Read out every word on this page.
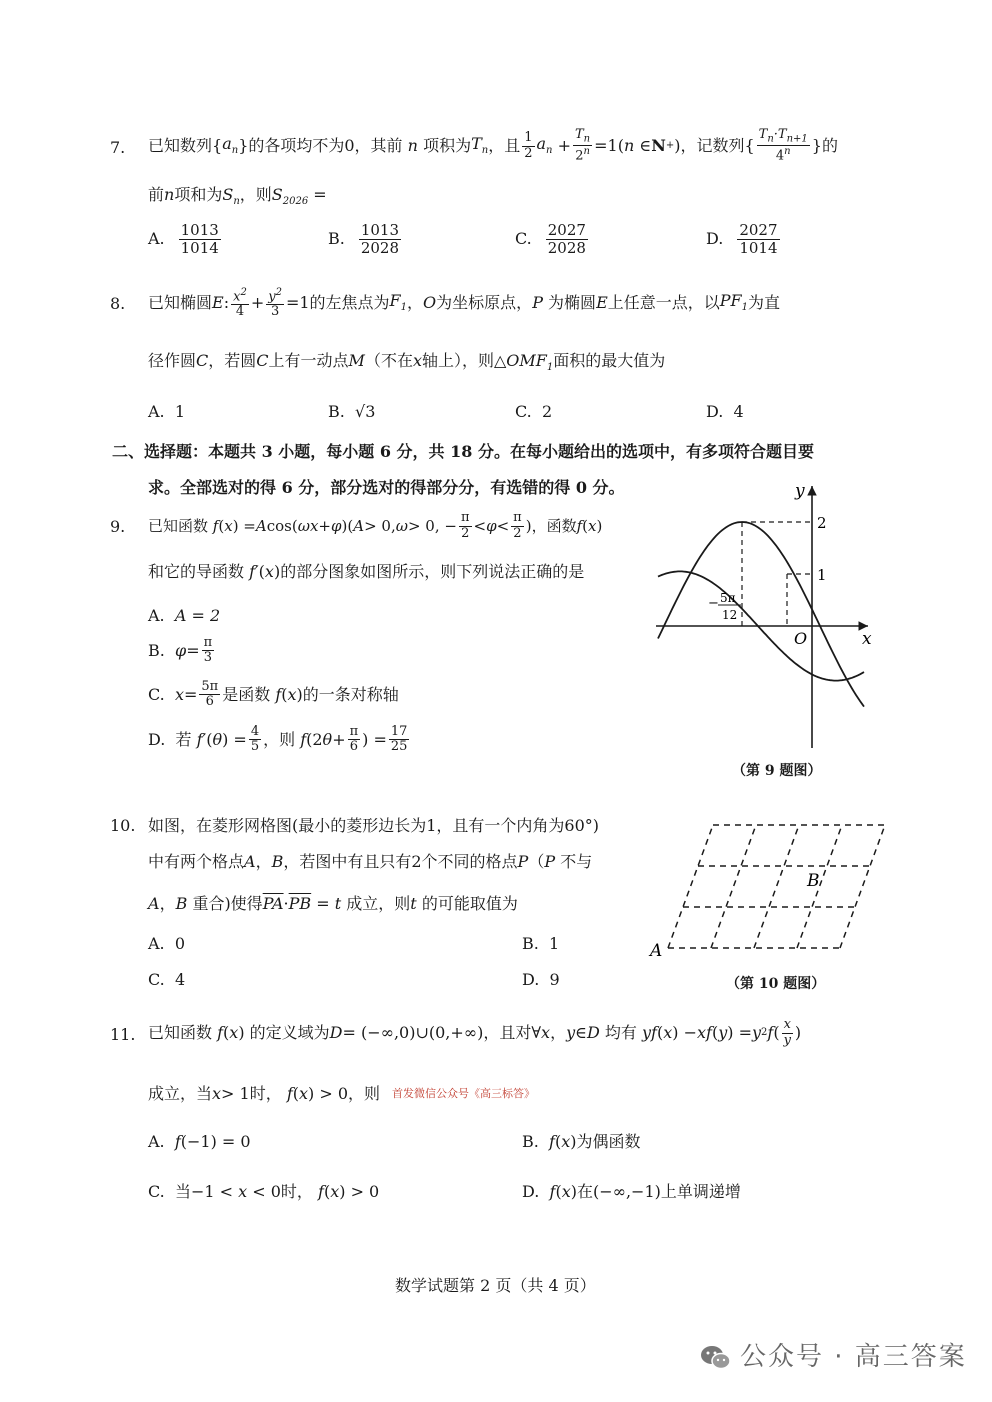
7. 已知数列{ $a_n$ }的各项均不为0，其前
n
项积为 $T_n$ ，且 $\frac{1}{2} a_n + \frac{T_n}{2^n} =1$( n ∈ N + )，记数列{ $\frac{T_n\cdot T_{n+1}}{4^n}$ }的
前n项和为$S_n$，则$S_{2026}$ =
A. $\frac{1013}{1014}$	B. $\frac{1013}{2028}$	C. $\frac{2027}{2028}$	D. $\frac{2027}{1014}$
8. 已知椭圆 E : $\frac{x^2}{4} + \frac{y^2}{3} =1$的左焦点为 $F_1$ ， O 为坐标原点， P
为椭圆 E 上任意一点，以 $PF_1$ 为直
径作圆C，若圆C上有一动点M（不在x轴上），则$\triangle OMF_1$面积的最大值为
A. 1	B. √3	C. 2	D. 4
二、选择题：本题共 3 小题，每小题 6 分，共 18 分。在每小题给出的选项中，有多项符合题目要
求。全部选对的得 6 分，部分选对的得部分分，有选错的得 0 分。
9. 已知函数
f ( x ) = A cos( ωx + φ )( A > 0, ω > 0, − $\frac{\pi}{2} < \varphi < \frac{\pi}{2}$ ) ，函数 f ( x )
和它的导函数 f′(x)的部分图象如图所示，则下列说法正确的是
A. A = 2
B.
$\varphi = \frac{\pi}{3}$
C.
$x = \frac{5\pi}{6}$ 是函数
f ( x ) 的一条对称轴
D.
若
f′ ( θ ) = $\frac{4}{5}$ ，则
f (2 $\theta + \frac{\pi}{6}$ ) = $\frac{17}{25}$
y
x
O
2
1
− 5π
12
（第 9 题图）
10. 如图，在菱形网格图(最小的菱形边长为1，且有一个内角为60°)
中有两个格点A，B，若图中有且只有2个不同的格点P（P 不与
A，B 重合)使得$\overline{PA}\cdot\overline{PB} = t$ 成立，则t 的可能取值为
A. 0	B. 1
C. 4	D. 9
A
B
（第 10 题图）
11. 已知函数
f ( x ) 的定义域为 D = (−∞,0)∪(0,+∞) ，且对∀ x ， y ∈ D
均有
yf ( x ) − xf ( y ) = y 2 f ( $\frac{x}{y}$ )
成立，当 x > 1 时，
f ( x ) > 0 ，则 首发微信公众号《高三标答》
A. f(−1) = 0	B. f(x)为偶函数
C. 当−1 < x < 0时， f(x) > 0	D. f(x)在(−∞,−1)上单调递增
数学试题第 2 页（共 4 页）
公众号 · 高三答案
